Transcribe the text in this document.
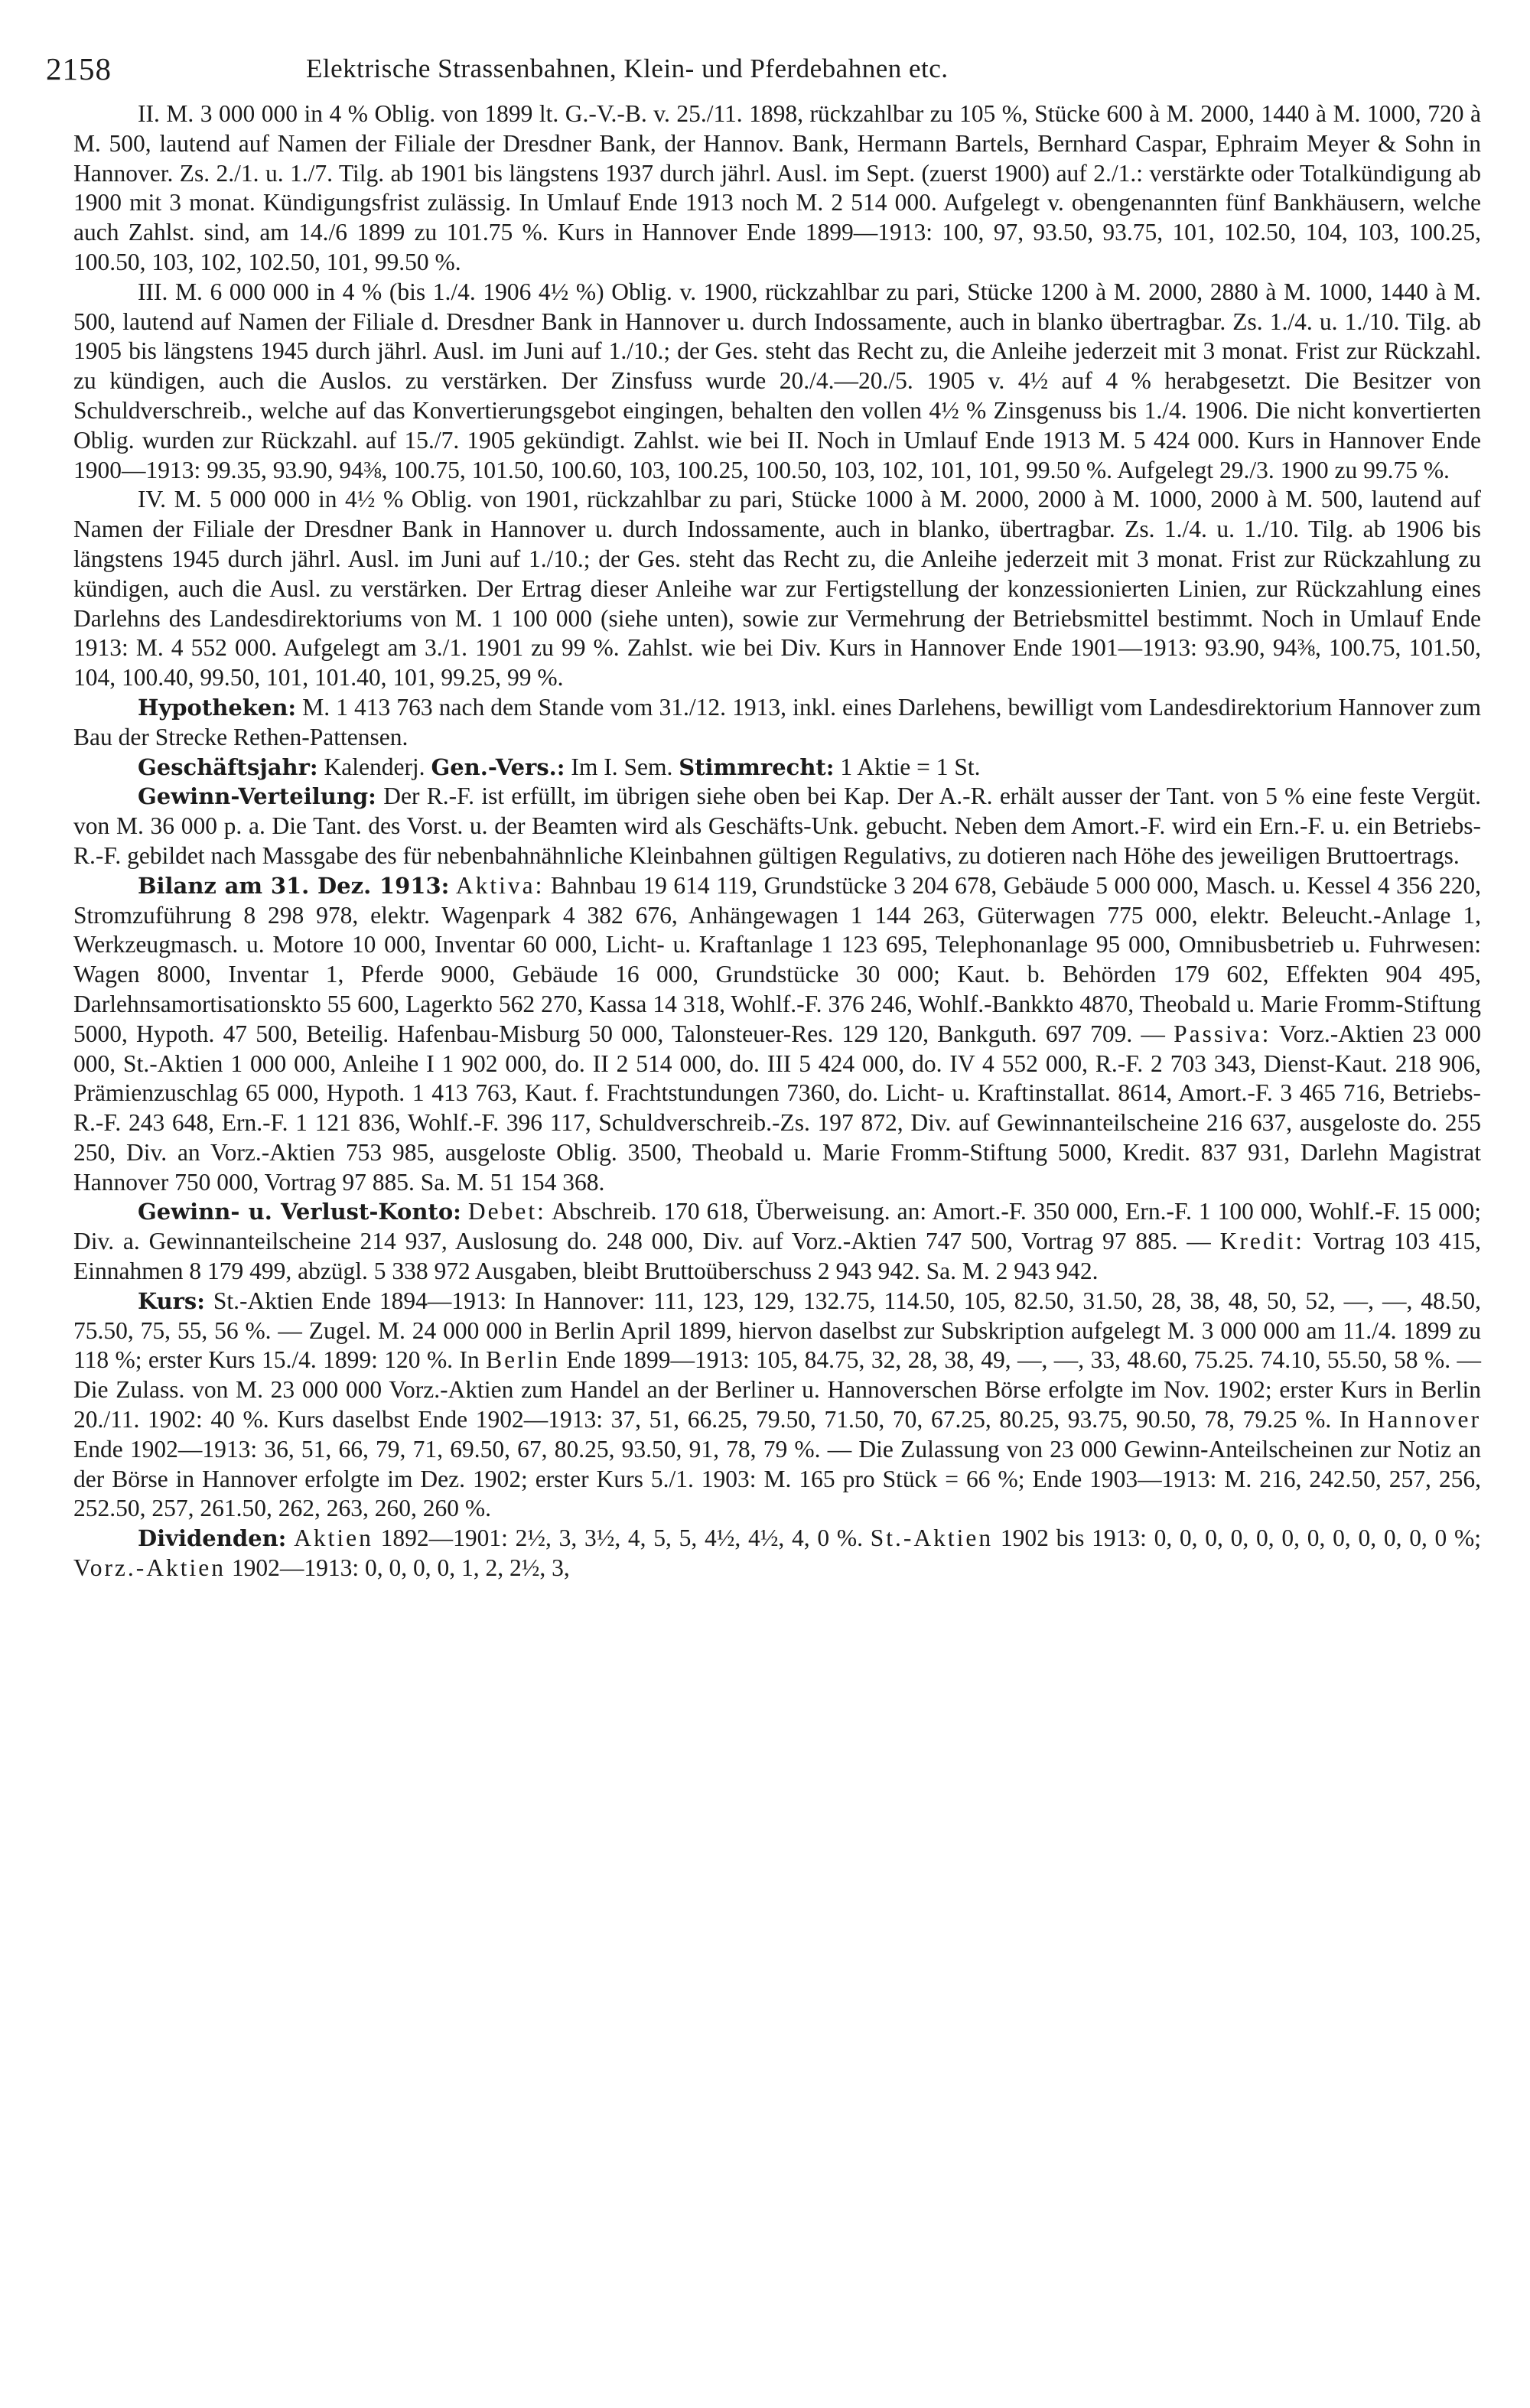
2158	Elektrische Strassenbahnen, Klein- und Pferdebahnen etc.

II. M. 3 000 000 in 4 % Oblig. von 1899 lt. G.-V.-B. v. 25./11. 1898, rückzahlbar zu 105 %, Stücke 600 à M. 2000, 1440 à M. 1000, 720 à M. 500, lautend auf Namen der Filiale der Dresdner Bank, der Hannov. Bank, Hermann Bartels, Bernhard Caspar, Ephraim Meyer & Sohn in Hannover. Zs. 2./1. u. 1./7. Tilg. ab 1901 bis längstens 1937 durch jährl. Ausl. im Sept. (zuerst 1900) auf 2./1.: verstärkte oder Totalkündigung ab 1900 mit 3 monat. Kündigungsfrist zulässig. In Umlauf Ende 1913 noch M. 2 514 000. Aufgelegt v. obengenannten fünf Bankhäusern, welche auch Zahlst. sind, am 14./6 1899 zu 101.75 %. Kurs in Hannover Ende 1899—1913: 100, 97, 93.50, 93.75, 101, 102.50, 104, 103, 100.25, 100.50, 103, 102, 102.50, 101, 99.50 %.

III. M. 6 000 000 in 4 % (bis 1./4. 1906 4½ %) Oblig. v. 1900, rückzahlbar zu pari, Stücke 1200 à M. 2000, 2880 à M. 1000, 1440 à M. 500, lautend auf Namen der Filiale d. Dresdner Bank in Hannover u. durch Indossamente, auch in blanko übertragbar. Zs. 1./4. u. 1./10. Tilg. ab 1905 bis längstens 1945 durch jährl. Ausl. im Juni auf 1./10.; der Ges. steht das Recht zu, die Anleihe jederzeit mit 3 monat. Frist zur Rückzahl. zu kündigen, auch die Auslos. zu verstärken. Der Zinsfuss wurde 20./4.—20./5. 1905 v. 4½ auf 4 % herabgesetzt. Die Besitzer von Schuldverschreib., welche auf das Konvertierungsgebot eingingen, behalten den vollen 4½ % Zinsgenuss bis 1./4. 1906. Die nicht konvertierten Oblig. wurden zur Rückzahl. auf 15./7. 1905 gekündigt. Zahlst. wie bei II. Noch in Umlauf Ende 1913 M. 5 424 000. Kurs in Hannover Ende 1900—1913: 99.35, 93.90, 94⅜, 100.75, 101.50, 100.60, 103, 100.25, 100.50, 103, 102, 101, 101, 99.50 %. Aufgelegt 29./3. 1900 zu 99.75 %.

IV. M. 5 000 000 in 4½ % Oblig. von 1901, rückzahlbar zu pari, Stücke 1000 à M. 2000, 2000 à M. 1000, 2000 à M. 500, lautend auf Namen der Filiale der Dresdner Bank in Hannover u. durch Indossamente, auch in blanko, übertragbar. Zs. 1./4. u. 1./10. Tilg. ab 1906 bis längstens 1945 durch jährl. Ausl. im Juni auf 1./10.; der Ges. steht das Recht zu, die Anleihe jederzeit mit 3 monat. Frist zur Rückzahlung zu kündigen, auch die Ausl. zu verstärken. Der Ertrag dieser Anleihe war zur Fertigstellung der konzessionierten Linien, zur Rückzahlung eines Darlehns des Landesdirektoriums von M. 1 100 000 (siehe unten), sowie zur Vermehrung der Betriebsmittel bestimmt. Noch in Umlauf Ende 1913: M. 4 552 000. Aufgelegt am 3./1. 1901 zu 99 %. Zahlst. wie bei Div. Kurs in Hannover Ende 1901—1913: 93.90, 94⅜, 100.75, 101.50, 104, 100.40, 99.50, 101, 101.40, 101, 99.25, 99 %.

Hypotheken: M. 1 413 763 nach dem Stande vom 31./12. 1913, inkl. eines Darlehens, bewilligt vom Landesdirektorium Hannover zum Bau der Strecke Rethen-Pattensen.

Geschäftsjahr: Kalenderj. Gen.-Vers.: Im I. Sem. Stimmrecht: 1 Aktie = 1 St.

Gewinn-Verteilung: Der R.-F. ist erfüllt, im übrigen siehe oben bei Kap. Der A.-R. erhält ausser der Tant. von 5 % eine feste Vergüt. von M. 36 000 p. a. Die Tant. des Vorst. u. der Beamten wird als Geschäfts-Unk. gebucht. Neben dem Amort.-F. wird ein Ern.-F. u. ein Betriebs-R.-F. gebildet nach Massgabe des für nebenbahnähnliche Kleinbahnen gültigen Regulativs, zu dotieren nach Höhe des jeweiligen Bruttoertrags.

Bilanz am 31. Dez. 1913: Aktiva: Bahnbau 19 614 119, Grundstücke 3 204 678, Gebäude 5 000 000, Masch. u. Kessel 4 356 220, Stromzuführung 8 298 978, elektr. Wagenpark 4 382 676, Anhängewagen 1 144 263, Güterwagen 775 000, elektr. Beleucht.-Anlage 1, Werkzeugmasch. u. Motore 10 000, Inventar 60 000, Licht- u. Kraftanlage 1 123 695, Telephonanlage 95 000, Omnibusbetrieb u. Fuhrwesen: Wagen 8000, Inventar 1, Pferde 9000, Gebäude 16 000, Grundstücke 30 000; Kaut. b. Behörden 179 602, Effekten 904 495, Darlehnsamortisationskto 55 600, Lagerkto 562 270, Kassa 14 318, Wohlf.-F. 376 246, Wohlf.-Bankkto 4870, Theobald u. Marie Fromm-Stiftung 5000, Hypoth. 47 500, Beteilig. Hafenbau-Misburg 50 000, Talonsteuer-Res. 129 120, Bankguth. 697 709. — Passiva: Vorz.-Aktien 23 000 000, St.-Aktien 1 000 000, Anleihe I 1 902 000, do. II 2 514 000, do. III 5 424 000, do. IV 4 552 000, R.-F. 2 703 343, Dienst-Kaut. 218 906, Prämienzuschlag 65 000, Hypoth. 1 413 763, Kaut. f. Frachtstundungen 7360, do. Licht- u. Kraftinstallat. 8614, Amort.-F. 3 465 716, Betriebs-R.-F. 243 648, Ern.-F. 1 121 836, Wohlf.-F. 396 117, Schuldverschreib.-Zs. 197 872, Div. auf Gewinnanteilscheine 216 637, ausgeloste do. 255 250, Div. an Vorz.-Aktien 753 985, ausgeloste Oblig. 3500, Theobald u. Marie Fromm-Stiftung 5000, Kredit. 837 931, Darlehn Magistrat Hannover 750 000, Vortrag 97 885. Sa. M. 51 154 368.

Gewinn- u. Verlust-Konto: Debet: Abschreib. 170 618, Überweisung. an: Amort.-F. 350 000, Ern.-F. 1 100 000, Wohlf.-F. 15 000; Div. a. Gewinnanteilscheine 214 937, Auslosung do. 248 000, Div. auf Vorz.-Aktien 747 500, Vortrag 97 885. — Kredit: Vortrag 103 415, Einnahmen 8 179 499, abzügl. 5 338 972 Ausgaben, bleibt Bruttoüberschuss 2 943 942. Sa. M. 2 943 942.

Kurs: St.-Aktien Ende 1894—1913: In Hannover: 111, 123, 129, 132.75, 114.50, 105, 82.50, 31.50, 28, 38, 48, 50, 52, —, —, 48.50, 75.50, 75, 55, 56 %. — Zugel. M. 24 000 000 in Berlin April 1899, hiervon daselbst zur Subskription aufgelegt M. 3 000 000 am 11./4. 1899 zu 118 %; erster Kurs 15./4. 1899: 120 %. In Berlin Ende 1899—1913: 105, 84.75, 32, 28, 38, 49, —, —, 33, 48.60, 75.25. 74.10, 55.50, 58 %. — Die Zulass. von M. 23 000 000 Vorz.-Aktien zum Handel an der Berliner u. Hannoverschen Börse erfolgte im Nov. 1902; erster Kurs in Berlin 20./11. 1902: 40 %. Kurs daselbst Ende 1902—1913: 37, 51, 66.25, 79.50, 71.50, 70, 67.25, 80.25, 93.75, 90.50, 78, 79.25 %. In Hannover Ende 1902—1913: 36, 51, 66, 79, 71, 69.50, 67, 80.25, 93.50, 91, 78, 79 %. — Die Zulassung von 23 000 Gewinn-Anteilscheinen zur Notiz an der Börse in Hannover erfolgte im Dez. 1902; erster Kurs 5./1. 1903: M. 165 pro Stück = 66 %; Ende 1903—1913: M. 216, 242.50, 257, 256, 252.50, 257, 261.50, 262, 263, 260, 260 %.

Dividenden: Aktien 1892—1901: 2½, 3, 3½, 4, 5, 5, 4½, 4½, 4, 0 %. St.-Aktien 1902 bis 1913: 0, 0, 0, 0, 0, 0, 0, 0, 0, 0, 0, 0 %; Vorz.-Aktien 1902—1913: 0, 0, 0, 0, 1, 2, 2½, 3,
